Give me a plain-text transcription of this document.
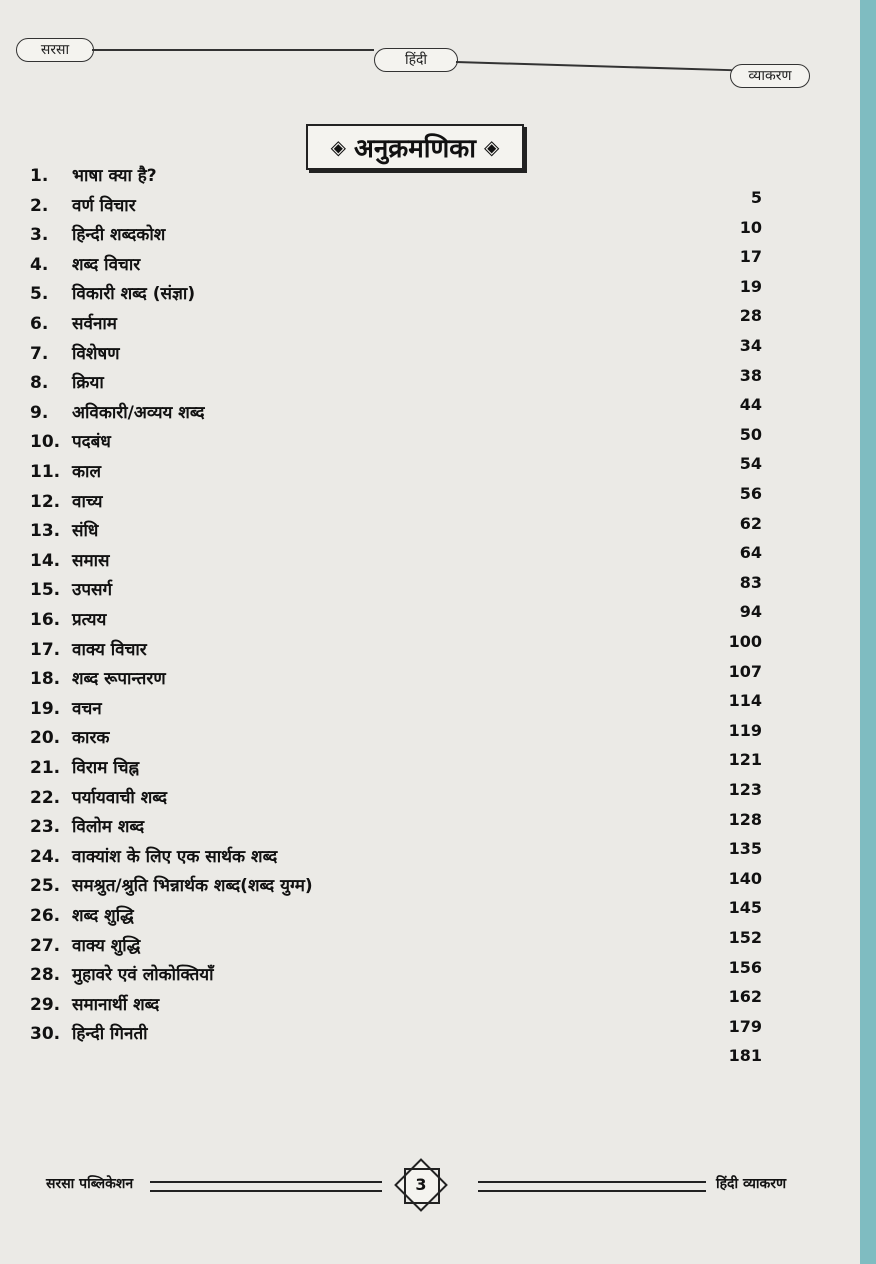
सरसा
हिंदी
व्याकरण
◈ अनुक्रमणिका ◈
1. भाषा क्या है?
5
2. वर्ण विचार
10
3. हिन्दी शब्दकोश
17
4. शब्द विचार
19
5. विकारी शब्द (संज्ञा)
28
6. सर्वनाम
34
7. विशेषण
38
8. क्रिया
44
9. अविकारी/अव्यय शब्द
50
10. पदबंध
54
11. काल
56
12. वाच्य
62
13. संधि
64
14. समास
83
15. उपसर्ग
94
16. प्रत्यय
100
17. वाक्य विचार
107
18. शब्द रूपान्तरण
114
19. वचन
119
20. कारक
121
21. विराम चिह्न
123
22. पर्यायवाची शब्द
128
23. विलोम शब्द
135
24. वाक्यांश के लिए एक सार्थक शब्द
140
25. समश्रुत/श्रुति भिन्नार्थक शब्द(शब्द युग्म)
145
26. शब्द शुद्धि
152
27. वाक्य शुद्धि
156
28. मुहावरे एवं लोकोक्तियाँ
162
29. समानार्थी शब्द
179
30. हिन्दी गिनती
181
सरसा पब्लिकेशन	3	हिंदी व्याकरण
